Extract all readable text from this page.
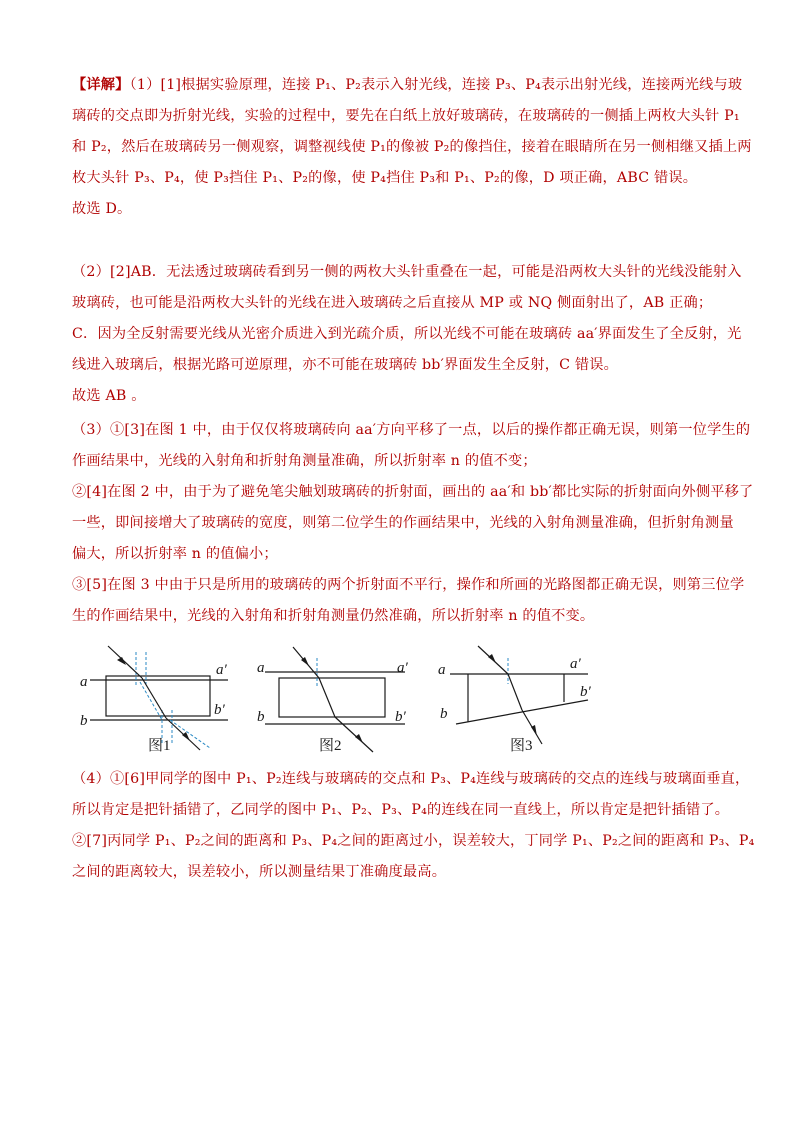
【详解】（1）[1]根据实验原理，连接 P₁、P₂表示入射光线，连接 P₃、P₄表示出射光线，连接两光线与玻
璃砖的交点即为折射光线，实验的过程中，要先在白纸上放好玻璃砖，在玻璃砖的一侧插上两枚大头针 P₁
和 P₂，然后在玻璃砖另一侧观察，调整视线使 P₁的像被 P₂的像挡住，接着在眼睛所在另一侧相继又插上两
枚大头针 P₃、P₄，使 P₃挡住 P₁、P₂的像，使 P₄挡住 P₃和 P₁、P₂的像，D 项正确，ABC 错误。
故选 D。
（2）[2]AB．无法透过玻璃砖看到另一侧的两枚大头针重叠在一起，可能是沿两枚大头针的光线没能射入
玻璃砖，也可能是沿两枚大头针的光线在进入玻璃砖之后直接从 MP 或 NQ 侧面射出了，AB 正确；
C．因为全反射需要光线从光密介质进入到光疏介质，所以光线不可能在玻璃砖 aa′界面发生了全反射，光
线进入玻璃后，根据光路可逆原理，亦不可能在玻璃砖 bb′界面发生全反射，C 错误。
故选 AB 。
（3）①[3]在图 1 中，由于仅仅将玻璃砖向 aa′方向平移了一点，以后的操作都正确无误，则第一位学生的
作画结果中，光线的入射角和折射角测量准确，所以折射率 n 的值不变；
②[4]在图 2 中，由于为了避免笔尖触划玻璃砖的折射面，画出的 aa′和 bb′都比实际的折射面向外侧平移了
一些，即间接增大了玻璃砖的宽度，则第二位学生的作画结果中，光线的入射角测量准确，但折射角测量
偏大，所以折射率 n 的值偏小；
③[5]在图 3 中由于只是所用的玻璃砖的两个折射面不平行，操作和所画的光路图都正确无误，则第三位学
生的作画结果中，光线的入射角和折射角测量仍然准确，所以折射率 n 的值不变。
a
a′
b
b′
图1
a	a′
b	b′
图2
a	a′
b
b′
图3
（4）①[6]甲同学的图中 P₁、P₂连线与玻璃砖的交点和 P₃、P₄连线与玻璃砖的交点的连线与玻璃面垂直，
所以肯定是把针插错了，乙同学的图中 P₁、P₂、P₃、P₄的连线在同一直线上，所以肯定是把针插错了。
②[7]丙同学 P₁、P₂之间的距离和 P₃、P₄之间的距离过小，误差较大，丁同学 P₁、P₂之间的距离和 P₃、P₄
之间的距离较大，误差较小，所以测量结果丁准确度最高。
